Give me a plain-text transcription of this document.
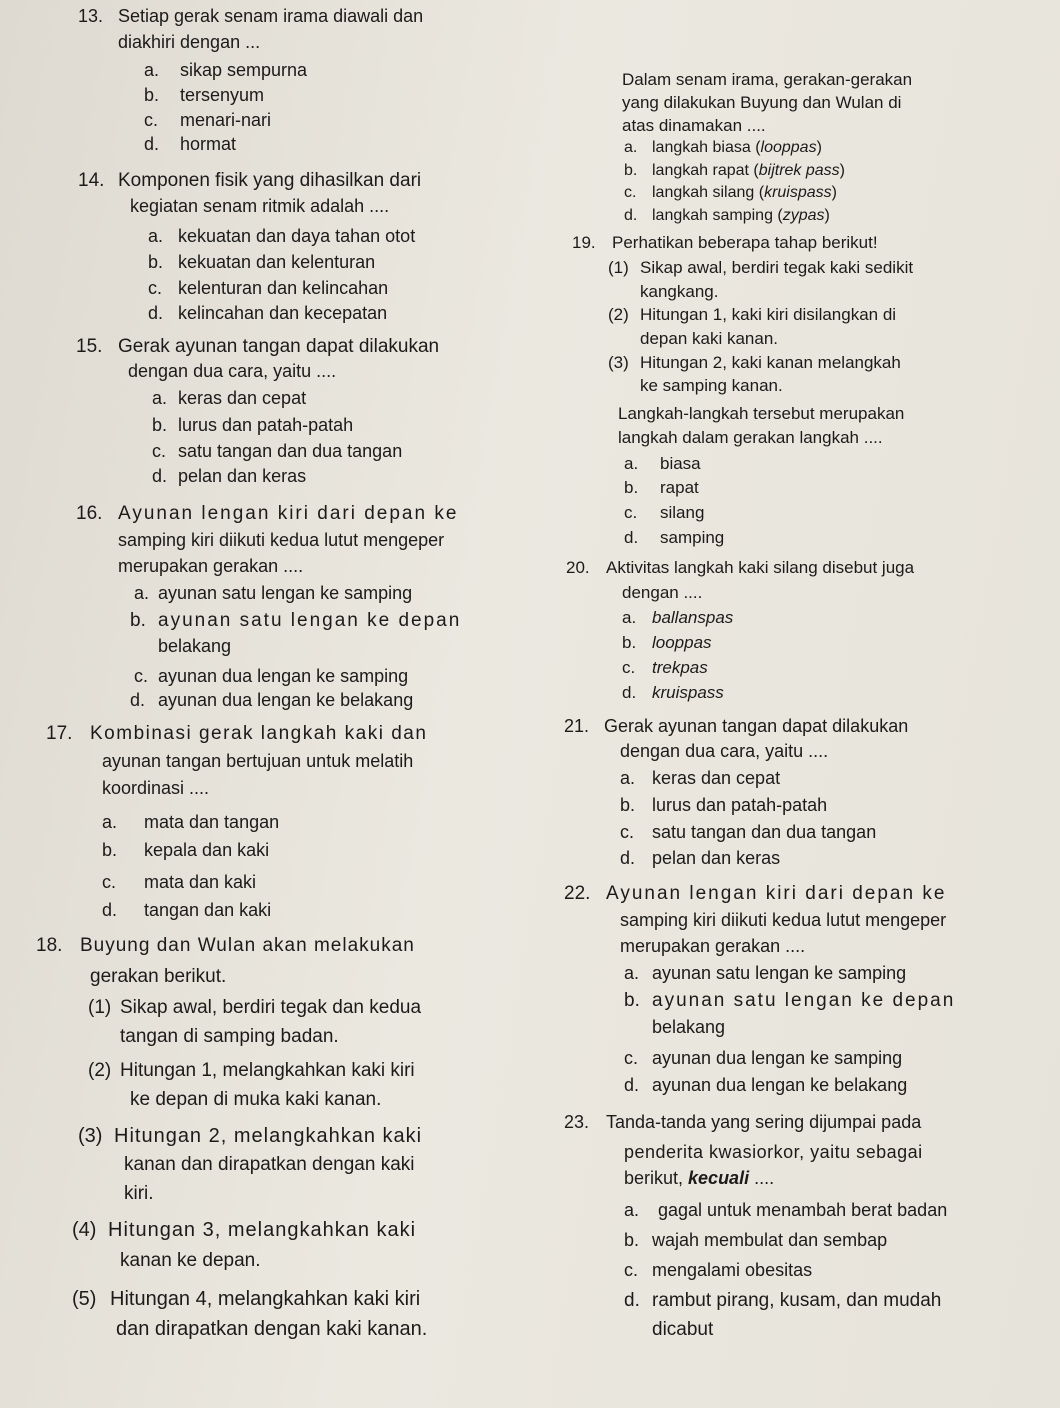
13. Setiap gerak senam irama diawali dan
diakhiri dengan ...
a. sikap sempurna
b. tersenyum
c. menari-nari
d. hormat
14. Komponen fisik yang dihasilkan dari
kegiatan senam ritmik adalah ....
a. kekuatan dan daya tahan otot
b. kekuatan dan kelenturan
c. kelenturan dan kelincahan
d. kelincahan dan kecepatan
15. Gerak ayunan tangan dapat dilakukan
dengan dua cara, yaitu ....
a. keras dan cepat
b. lurus dan patah-patah
c. satu tangan dan dua tangan
d. pelan dan keras
16. Ayunan lengan kiri dari depan ke
samping kiri diikuti kedua lutut mengeper
merupakan gerakan ....
a. ayunan satu lengan ke samping
b. ayunan satu lengan ke depan
belakang
c. ayunan dua lengan ke samping
d. ayunan dua lengan ke belakang
17. Kombinasi gerak langkah kaki dan
ayunan tangan bertujuan untuk melatih
koordinasi ....
a. mata dan tangan
b. kepala dan kaki
c. mata dan kaki
d. tangan dan kaki
18. Buyung dan Wulan akan melakukan
gerakan berikut.
(1) Sikap awal, berdiri tegak dan kedua
tangan di samping badan.
(2) Hitungan 1, melangkahkan kaki kiri
ke depan di muka kaki kanan.
(3) Hitungan 2, melangkahkan kaki
kanan dan dirapatkan dengan kaki
kiri.
(4) Hitungan 3, melangkahkan kaki
kanan ke depan.
(5) Hitungan 4, melangkahkan kaki kiri
dan dirapatkan dengan kaki kanan.
Dalam senam irama, gerakan-gerakan
yang dilakukan Buyung dan Wulan di
atas dinamakan ....
a. langkah biasa (looppas)
b. langkah rapat (bijtrek pass)
c. langkah silang (kruispass)
d. langkah samping (zypas)
19. Perhatikan beberapa tahap berikut!
(1) Sikap awal, berdiri tegak kaki sedikit
kangkang.
(2) Hitungan 1, kaki kiri disilangkan di
depan kaki kanan.
(3) Hitungan 2, kaki kanan melangkah
ke samping kanan.
Langkah-langkah tersebut merupakan
langkah dalam gerakan langkah ....
a. biasa
b. rapat
c. silang
d. samping
20. Aktivitas langkah kaki silang disebut juga
dengan ....
a. ballanspas
b. looppas
c. trekpas
d. kruispass
21. Gerak ayunan tangan dapat dilakukan
dengan dua cara, yaitu ....
a. keras dan cepat
b. lurus dan patah-patah
c. satu tangan dan dua tangan
d. pelan dan keras
22. Ayunan lengan kiri dari depan ke
samping kiri diikuti kedua lutut mengeper
merupakan gerakan ....
a. ayunan satu lengan ke samping
b. ayunan satu lengan ke depan
belakang
c. ayunan dua lengan ke samping
d. ayunan dua lengan ke belakang
23. Tanda-tanda yang sering dijumpai pada
penderita kwasiorkor, yaitu sebagai
berikut, kecuali ....
a. gagal untuk menambah berat badan
b. wajah membulat dan sembap
c. mengalami obesitas
d. rambut pirang, kusam, dan mudah
dicabut
